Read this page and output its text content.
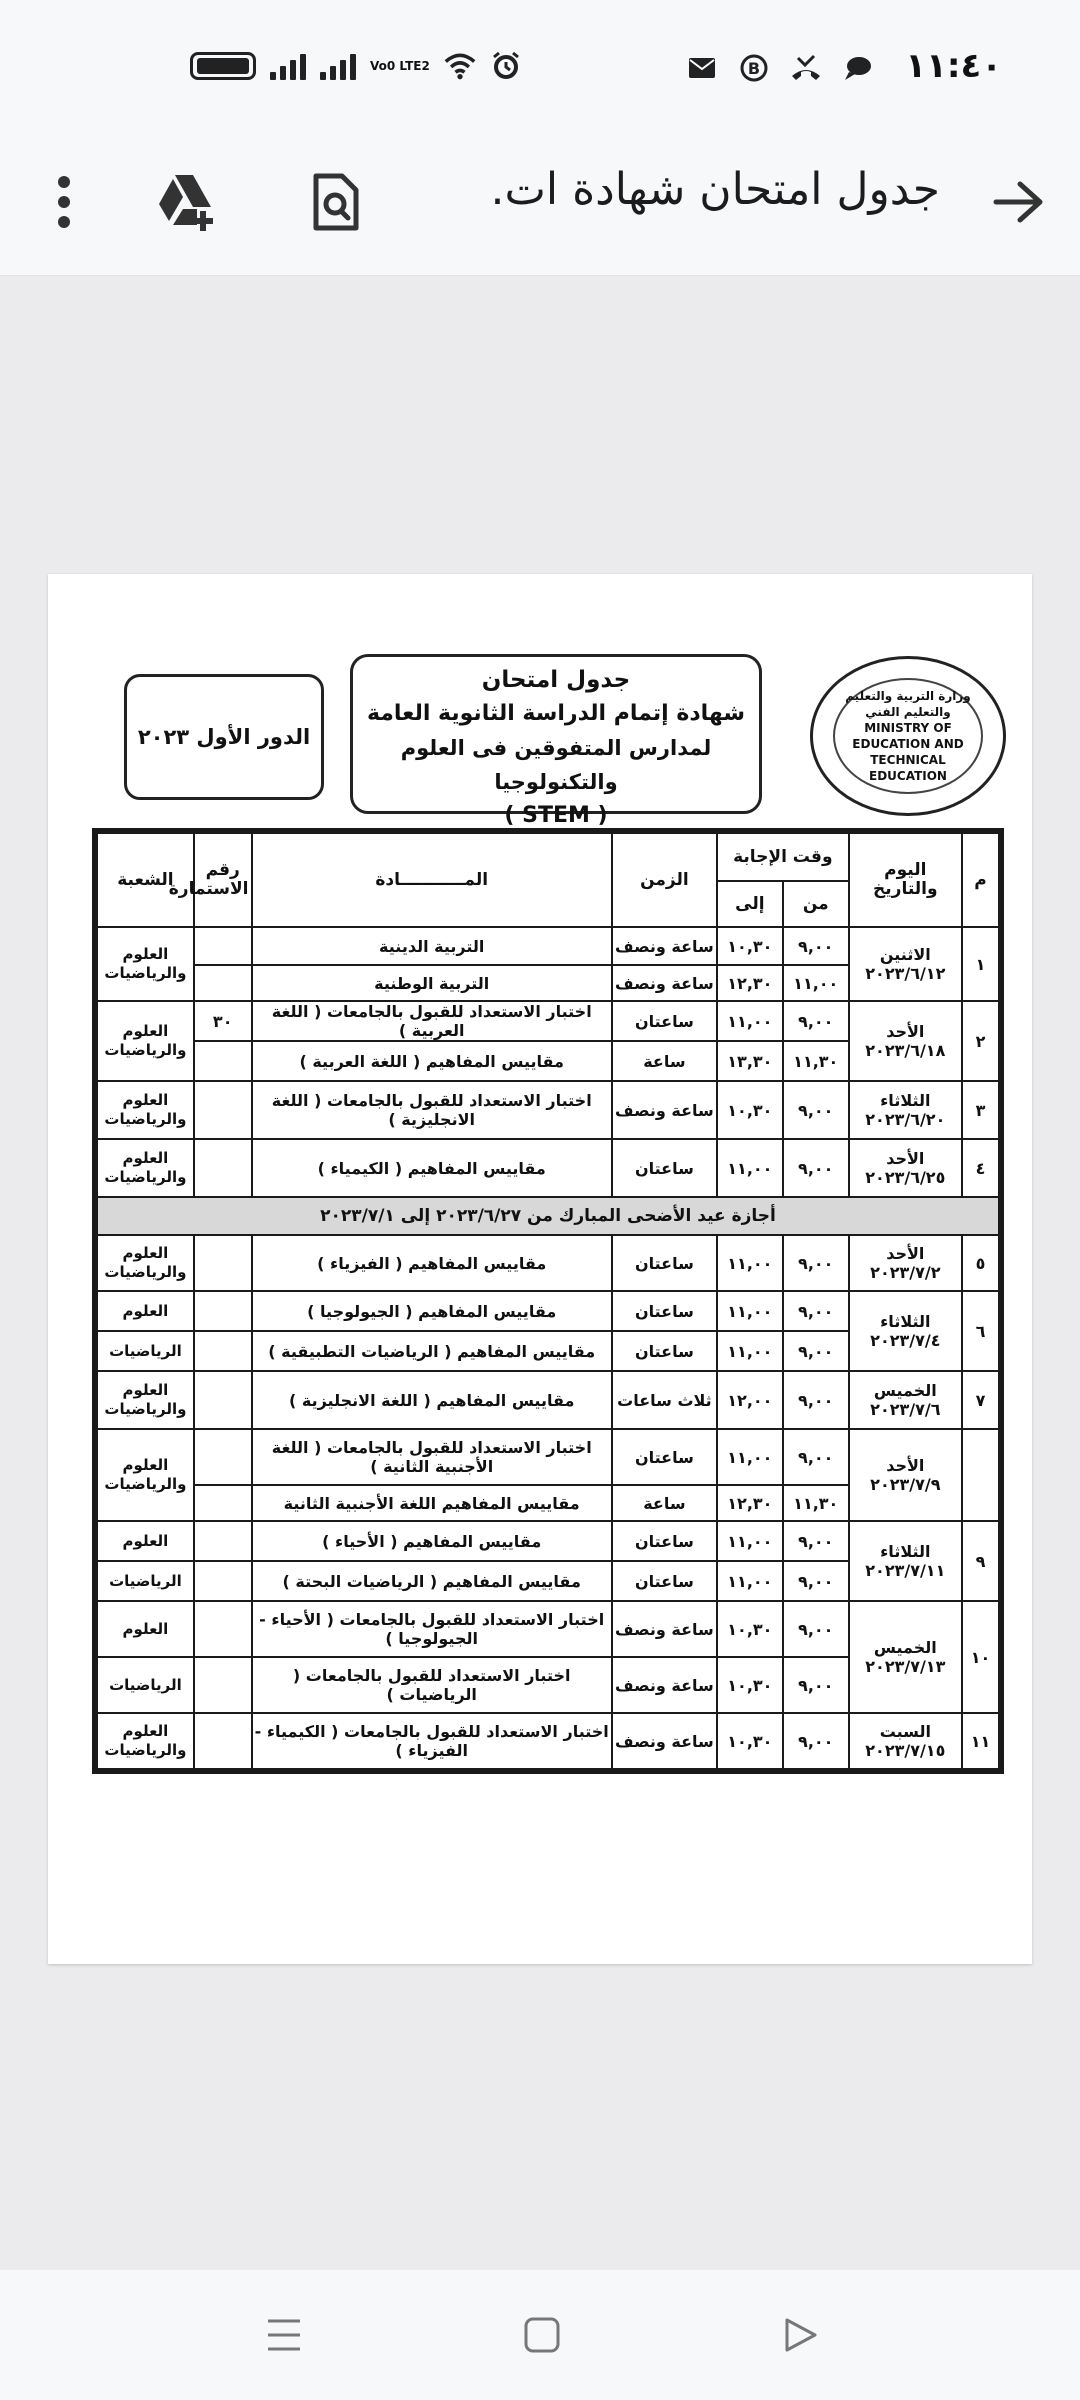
Vo0 LTE2	B	١١:٤٠
جدول امتحان شهادة ات.
وزارة التربية والتعليم والتعليم الفني MINISTRY OF EDUCATION AND TECHNICAL EDUCATION
جدول امتحان
شهادة إتمام الدراسة الثانوية العامة
لمدارس المتفوقين فى العلوم والتكنولوجيا
( STEM )
الدور الأول ٢٠٢٣
م	اليوم والتاريخ	وقت الإجابة		الزمن	المـــــــــــادة	رقم الاستمارة	الشعبة
		من	إلى				
١	الاثنين ٢٠٢٣/٦/١٢	٩,٠٠	١٠,٣٠	ساعة ونصف	التربية الدينية		العلوم والرياضيات
		١١,٠٠	١٢,٣٠	ساعة ونصف	التربية الوطنية		
٢	الأحد ٢٠٢٣/٦/١٨	٩,٠٠	١١,٠٠	ساعتان	اختبار الاستعداد للقبول بالجامعات ( اللغة العربية )	٣٠	العلوم والرياضيات
		١١,٣٠	١٣,٣٠	ساعة	مقاييس المفاهيم ( اللغة العربية )		
٣	الثلاثاء ٢٠٢٣/٦/٢٠	٩,٠٠	١٠,٣٠	ساعة ونصف	اختبار الاستعداد للقبول بالجامعات ( اللغة الانجليزية )		العلوم والرياضيات
٤	الأحد ٢٠٢٣/٦/٢٥	٩,٠٠	١١,٠٠	ساعتان	مقاييس المفاهيم ( الكيمياء )		العلوم والرياضيات
أجازة عيد الأضحى المبارك من ٢٠٢٣/٦/٢٧ إلى ٢٠٢٣/٧/١							
٥	الأحد ٢٠٢٣/٧/٢	٩,٠٠	١١,٠٠	ساعتان	مقاييس المفاهيم ( الفيزياء )		العلوم والرياضيات
٦	الثلاثاء ٢٠٢٣/٧/٤	٩,٠٠	١١,٠٠	ساعتان	مقاييس المفاهيم ( الجيولوجيا )		العلوم
		٩,٠٠	١١,٠٠	ساعتان	مقاييس المفاهيم ( الرياضيات التطبيقية )		الرياضيات
٧	الخميس ٢٠٢٣/٧/٦	٩,٠٠	١٢,٠٠	ثلاث ساعات	مقاييس المفاهيم ( اللغة الانجليزية )		العلوم والرياضيات
	الأحد ٢٠٢٣/٧/٩	٩,٠٠	١١,٠٠	ساعتان	اختبار الاستعداد للقبول بالجامعات ( اللغة الأجنبية الثانية )		العلوم والرياضيات
		١١,٣٠	١٢,٣٠	ساعة	مقاييس المفاهيم اللغة الأجنبية الثانية		
٩	الثلاثاء ٢٠٢٣/٧/١١	٩,٠٠	١١,٠٠	ساعتان	مقاييس المفاهيم ( الأحياء )		العلوم
		٩,٠٠	١١,٠٠	ساعتان	مقاييس المفاهيم ( الرياضيات البحتة )		الرياضيات
١٠	الخميس ٢٠٢٣/٧/١٣	٩,٠٠	١٠,٣٠	ساعة ونصف	اختبار الاستعداد للقبول بالجامعات ( الأحياء - الجيولوجيا )		العلوم
		٩,٠٠	١٠,٣٠	ساعة ونصف	اختبار الاستعداد للقبول بالجامعات ( الرياضيات )		الرياضيات
١١	السبت ٢٠٢٣/٧/١٥	٩,٠٠	١٠,٣٠	ساعة ونصف	اختبار الاستعداد للقبول بالجامعات ( الكيمياء - الفيزياء )		العلوم والرياضيات
